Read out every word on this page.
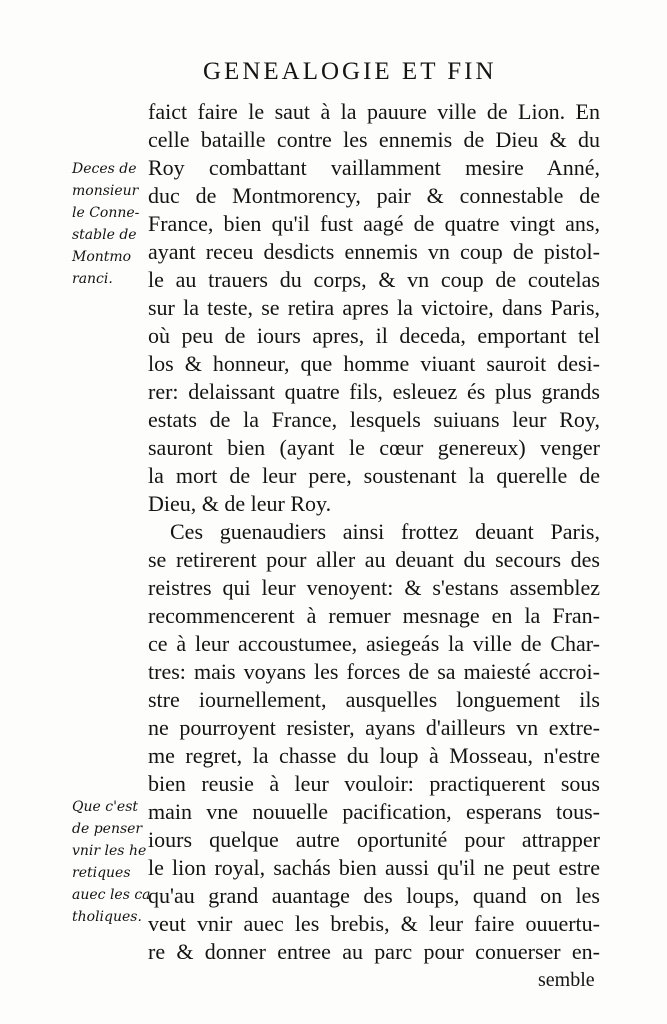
GENEALOGIE ET FIN
Deces de
monsieur
le Conne-
stable de
Montmo
ranci.
Que c'est
de penser
vnir les he
retiques
auec les ca
tholiques.
faict faire le saut à la pauure ville de Lion. En
celle bataille contre les ennemis de Dieu & du
Roy combattant vaillamment mesire Anné,
duc de Montmorency, pair & connestable de
France, bien qu'il fust aagé de quatre vingt ans,
ayant receu desdicts ennemis vn coup de pistol-
le au trauers du corps, & vn coup de coutelas
sur la teste, se retira apres la victoire, dans Paris,
où peu de iours apres, il deceda, emportant tel
los & honneur, que homme viuant sauroit desi-
rer: delaissant quatre fils, esleuez és plus grands
estats de la France, lesquels suiuans leur Roy,
sauront bien (ayant le cœur genereux) venger
la mort de leur pere, soustenant la querelle de
Dieu, & de leur Roy.
Ces guenaudiers ainsi frottez deuant Paris,
se retirerent pour aller au deuant du secours des
reistres qui leur venoyent: & s'estans assemblez
recommencerent à remuer mesnage en la Fran-
ce à leur accoustumee, asiegeás la ville de Char-
tres: mais voyans les forces de sa maiesté accroi-
stre iournellement, ausquelles longuement ils
ne pourroyent resister, ayans d'ailleurs vn extre-
me regret, la chasse du loup à Mosseau, n'estre
bien reusie à leur vouloir: practiquerent sous
main vne nouuelle pacification, esperans tous-
iours quelque autre oportunité pour attrapper
le lion royal, sachás bien aussi qu'il ne peut estre
qu'au grand auantage des loups, quand on les
veut vnir auec les brebis, & leur faire ouuertu-
re & donner entree au parc pour conuerser en-
semble
